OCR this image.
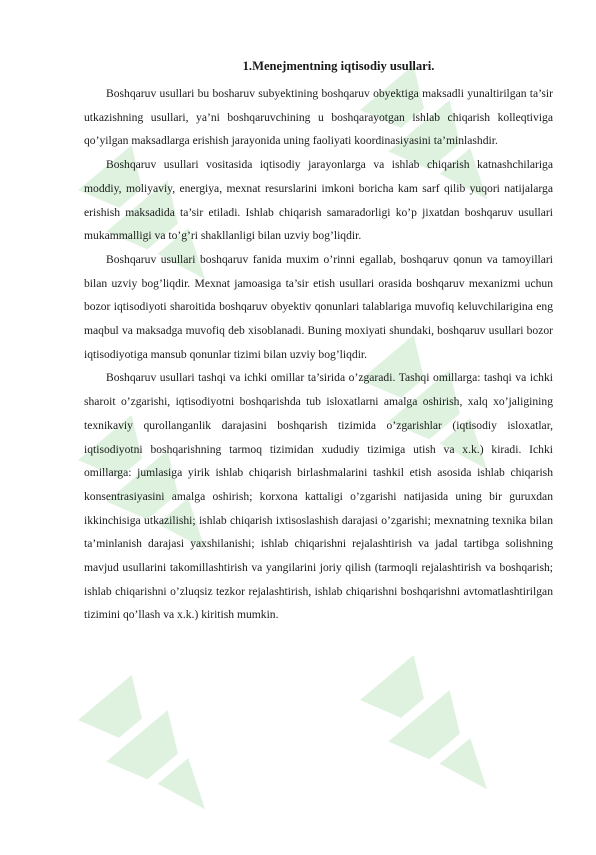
1.Menejmentning iqtisodiy usullari.

Boshqaruv usullari bu bosharuv subyektining boshqaruv obyektiga maksadli yunaltirilgan ta’sir utkazishning usullari, ya’ni boshqaruvchining u boshqarayotgan ishlab chiqarish kolleqtiviga qo’yilgan maksadlarga erishish jarayonida uning faoliyati koordinasiyasini ta’minlashdir.

Boshqaruv usullari vositasida iqtisodiy jarayonlarga va ishlab chiqarish katnashchilariga moddiy, moliyaviy, energiya, mexnat resurslarini imkoni boricha kam sarf qilib yuqori natijalarga erishish maksadida ta’sir etiladi. Ishlab chiqarish samaradorligi ko’p jixatdan boshqaruv usullari mukammalligi va to’g’ri shakllanligi bilan uzviy bog’liqdir.

Boshqaruv usullari boshqaruv fanida muxim o’rinni egallab, boshqaruv qonun va tamoyillari bilan uzviy bog’liqdir. Mexnat jamoasiga ta’sir etish usullari orasida boshqaruv mexanizmi uchun bozor iqtisodiyoti sharoitida boshqaruv obyektiv qonunlari talablariga muvofiq keluvchilarigina eng maqbul va maksadga muvofiq deb xisoblanadi. Buning moxiyati shundaki, boshqaruv usullari bozor iqtisodiyotiga mansub qonunlar tizimi bilan uzviy bog’liqdir.

Boshqaruv usullari tashqi va ichki omillar ta’sirida o’zgaradi. Tashqi omillarga: tashqi va ichki sharoit o’zgarishi, iqtisodiyotni boshqarishda tub isloxatlarni amalga oshirish, xalq xo’jaligining texnikaviy qurollanganlik darajasini boshqarish tizimida o’zgarishlar (iqtisodiy isloxatlar, iqtisodiyotni boshqarishning tarmoq tizimidan xududiy tizimiga utish va x.k.) kiradi. Ichki omillarga: jumlasiga yirik ishlab chiqarish birlashmalarini tashkil etish asosida ishlab chiqarish konsentrasiyasini amalga oshirish; korxona kattaligi o’zgarishi natijasida uning bir guruxdan ikkinchisiga utkazilishi; ishlab chiqarish ixtisoslashish darajasi o’zgarishi; mexnatning texnika bilan ta’minlanish darajasi yaxshilanishi; ishlab chiqarishni rejalashtirish va jadal tartibga solishning mavjud usullarini takomillashtirish va yangilarini joriy qilish (tarmoqli rejalashtirish va boshqarish; ishlab chiqarishni o’zluqsiz tezkor rejalashtirish, ishlab chiqarishni boshqarishni avtomatlashtirilgan tizimini qo’llash va x.k.) kiritish mumkin.
